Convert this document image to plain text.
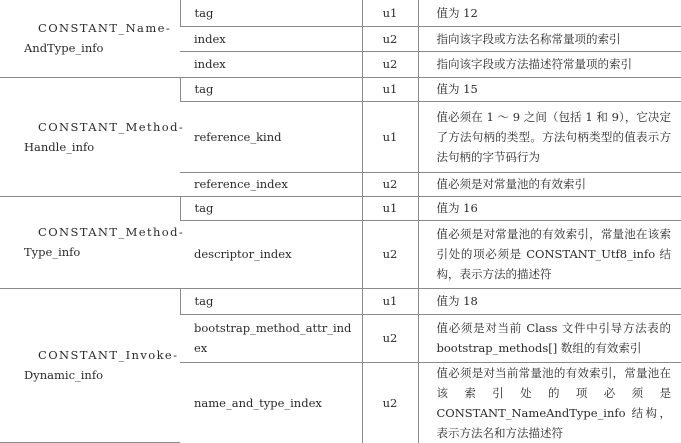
CONSTANT_Name-
AndType_info	tag	u1	值为 12
	index	u2	指向该字段或方法名称常量项的索引
	index	u2	指向该字段或方法描述符常量项的索引

CONSTANT_Method-
Handle_info	tag	u1	值为 15
	reference_kind	u1	值必须在 1 ～ 9 之间（包括 1 和 9），它决定了方法句柄的类型。方法句柄类型的值表示方法句柄的字节码行为
	reference_index	u2	值必须是对常量池的有效索引

CONSTANT_Method-
Type_info	tag	u1	值为 16
	descriptor_index	u2	值必须是对常量池的有效索引，常量池在该索引处的项必须是 CONSTANT_Utf8_info 结构，表示方法的描述符

CONSTANT_Invoke-
Dynamic_info	tag	u1	值为 18
	bootstrap_method_attr_index	u2	值必须是对当前 Class 文件中引导方法表的 bootstrap_methods[] 数组的有效索引
	name_and_type_index	u2	值必须是对当前常量池的有效索引，常量池在该索引处的项必须是 CONSTANT_NameAndType_info 结构，表示方法名和方法描述符
